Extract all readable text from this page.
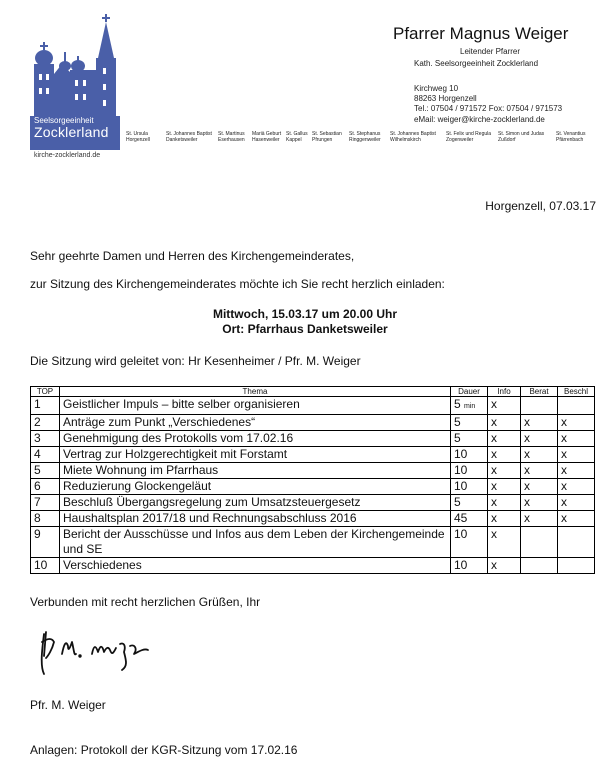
Seelsorgeeinheit
Zocklerland
kirche-zocklerland.de
Pfarrer Magnus Weiger
Leitender Pfarrer
Kath. Seelsorgeeinheit Zocklerland
Kirchweg 10
88263 Horgenzell
Tel.: 07504 / 971572 Fox: 07504 / 971573
eMail: weiger@kirche-zocklerland.de
St. Ursula
Horgenzell
St. Johannes Baptist
Danketsweiler
St. Martinus
Eserhausen
Mariä Geburt
Hasenweiler
St. Gallus
Kappel
St. Sebastian
Pfrungen
St. Stephanus
Ringgenweiler
St. Johannes Baptist
Wilhelmskirch
St. Felix und Regula
Zogenweiler
St. Simon und Judas
Zußdorf
St. Venantius
Pfärrenbach
Horgenzell, 07.03.17
Sehr geehrte Damen und Herren des Kirchengemeinderates,
zur Sitzung des Kirchengemeinderates möchte ich Sie recht herzlich einladen:
Mittwoch, 15.03.17 um 20.00 Uhr
Ort: Pfarrhaus Danketsweiler
Die Sitzung wird geleitet von: Hr Kesenheimer / Pfr. M. Weiger
TOP	Thema	Dauer	Info	Berat	Beschl
1	Geistlicher Impuls – bitte selber organisieren	5 min	x		
2	Anträge zum Punkt „Verschiedenes“	5	x	x	x
3	Genehmigung des Protokolls vom 17.02.16	5	x	x	x
4	Vertrag zur Holzgerechtigkeit mit Forstamt	10	x	x	x
5	Miete Wohnung im Pfarrhaus	10	x	x	x
6	Reduzierung Glockengeläut	10	x	x	x
7	Beschluß Übergangsregelung zum Umsatzsteuergesetz	5	x	x	x
8	Haushaltsplan 2017/18 und Rechnungsabschluss 2016	45	x	x	x
9	Bericht der Ausschüsse und Infos aus dem Leben der Kirchengemeinde und SE	10	x		
10	Verschiedenes	10	x		
Verbunden mit recht herzlichen Grüßen, Ihr
Pfr. M. Weiger
Anlagen: Protokoll der KGR-Sitzung vom 17.02.16
